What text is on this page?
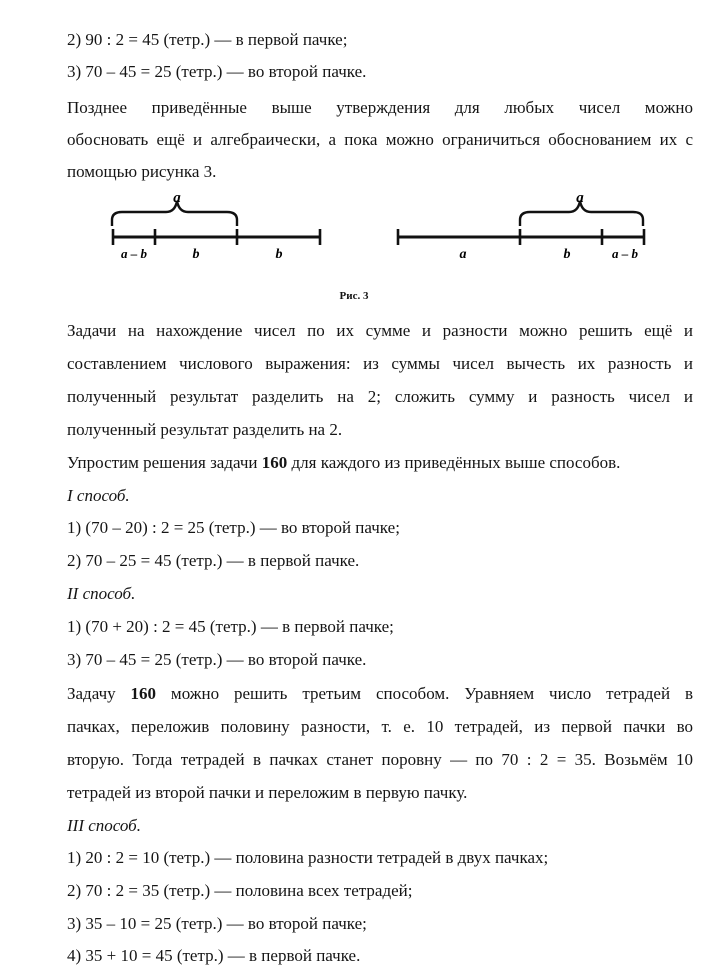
2) 90 : 2 = 45 (тетр.) — в первой пачке;
3) 70 – 45 = 25 (тетр.) — во второй пачке.
Позднее приведённые выше утверждения для любых чисел можно
обосновать ещё и алгебраически, а пока можно ограничиться обоснованием их с
помощью рисунка 3.
a
a – b	b	b
a
a	b	a – b
Рис. 3
Задачи на нахождение чисел по их сумме и разности можно решить ещё и
составлением числового выражения: из суммы чисел вычесть их разность и
полученный результат разделить на 2; сложить сумму и разность чисел и
полученный результат разделить на 2.
Упростим решения задачи 160 для каждого из приведённых выше способов.
I способ.
1) (70 – 20) : 2 = 25 (тетр.) — во второй пачке;
2) 70 – 25 = 45 (тетр.) — в первой пачке.
II способ.
1) (70 + 20) : 2 = 45 (тетр.) — в первой пачке;
3) 70 – 45 = 25 (тетр.) — во второй пачке.
Задачу 160 можно решить третьим способом. Уравняем число тетрадей в
пачках, переложив половину разности, т. е. 10 тетрадей, из первой пачки во
вторую. Тогда тетрадей в пачках станет поровну — по 70 : 2 = 35. Возьмём 10
тетрадей из второй пачки и переложим в первую пачку.
III способ.
1) 20 : 2 = 10 (тетр.) — половина разности тетрадей в двух пачках;
2) 70 : 2 = 35 (тетр.) — половина всех тетрадей;
3) 35 – 10 = 25 (тетр.) — во второй пачке;
4) 35 + 10 = 45 (тетр.) — в первой пачке.
